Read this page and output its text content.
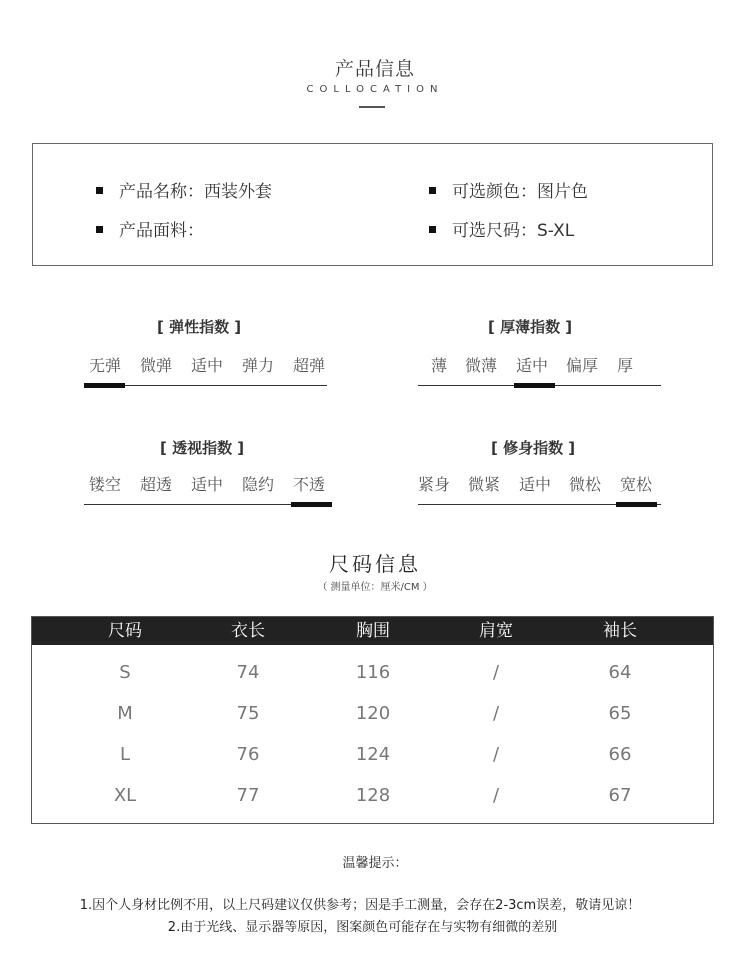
产品信息
COLLOCATION
产品名称：西装外套	可选颜色：图片色
产品面料：	可选尺码：S-XL
[ 弹性指数 ]
无弹 微弹 适中 弹力 超弹
[ 厚薄指数 ]
薄 微薄 适中 偏厚 厚
[ 透视指数 ]
镂空 超透 适中 隐约 不透
[ 修身指数 ]
紧身 微紧 适中 微松 宽松
尺码信息
（ 测量单位：厘米/CM ）
尺码	衣长	胸围	肩宽	袖长
S	74	116	/	64
M	75	120	/	65
L	76	124	/	66
XL	77	128	/	67
温馨提示：
1.因个人身材比例不用，以上尺码建议仅供参考；因是手工测量，会存在2-3cm误差，敬请见谅！
2.由于光线、显示器等原因，图案颜色可能存在与实物有细微的差别
